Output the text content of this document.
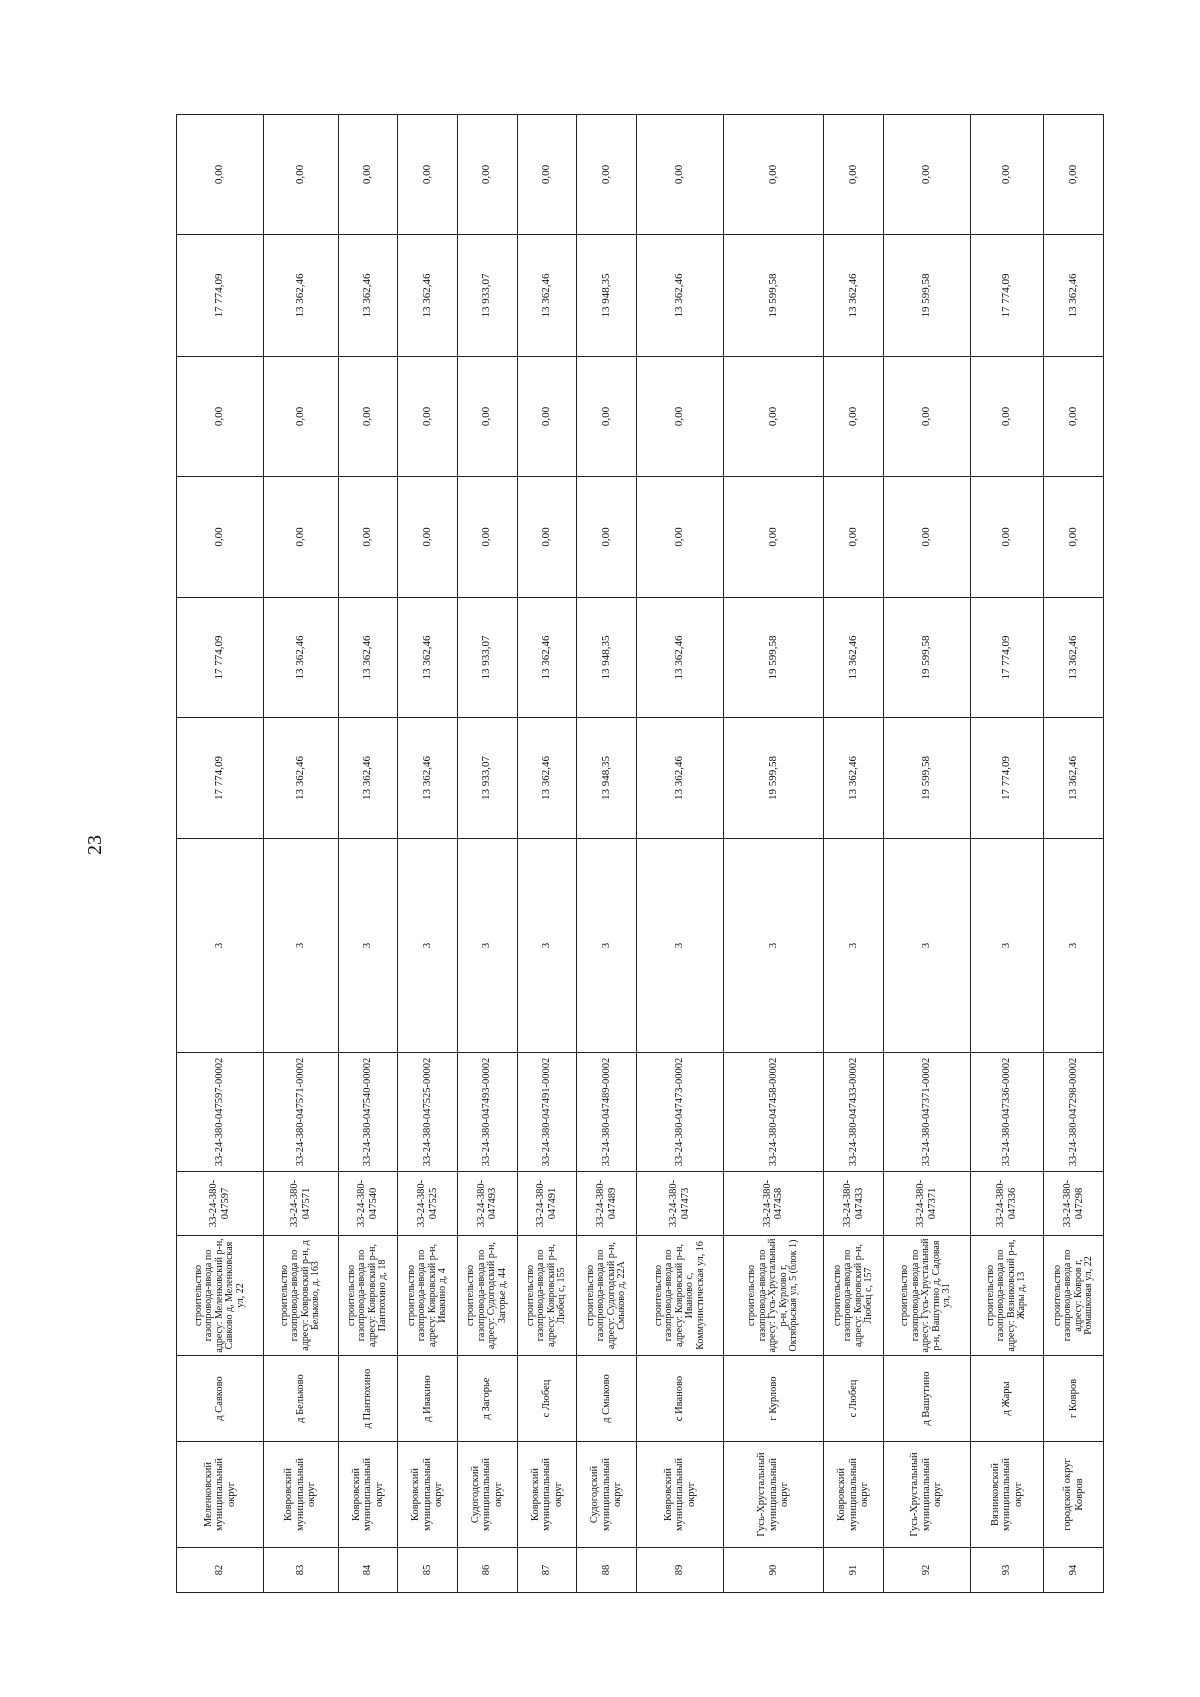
23
82	Меленковский муниципальный округ	д Савково	строительство газопровода-ввода по адресу: Меленковский р-н, Савково д, Меленковская ул, 22	33-24-380-047597	33-24-380-047597-00002	3	17 774,09	17 774,09	0,00	0,00	17 774,09	0,00
83	Ковровский муниципальный округ	д Бельково	строительство газопровода-ввода по адресу: Ковровский р-н, д Бельково, д. 163	33-24-380-047571	33-24-380-047571-00002	3	13 362,46	13 362,46	0,00	0,00	13 362,46	0,00
84	Ковровский муниципальный округ	д Пантюхино	строительство газопровода-ввода по адресу: Ковровский р-н, Пантюхино д, 18	33-24-380-047540	33-24-380-047540-00002	3	13 362,46	13 362,46	0,00	0,00	13 362,46	0,00
85	Ковровский муниципальный округ	д Ивакино	строительство газопровода-ввода по адресу: Ковровский р-н, Ивакино д, 4	33-24-380-047525	33-24-380-047525-00002	3	13 362,46	13 362,46	0,00	0,00	13 362,46	0,00
86	Судогодский муниципальный округ	д Загорье	строительство газопровода-ввода по адресу: Судогодский р-н, Загорье д, 44	33-24-380-047493	33-24-380-047493-00002	3	13 933,07	13 933,07	0,00	0,00	13 933,07	0,00
87	Ковровский муниципальный округ	с Любец	строительство газопровода-ввода по адресу: Ковровский р-н, Любец с, 155	33-24-380-047491	33-24-380-047491-00002	3	13 362,46	13 362,46	0,00	0,00	13 362,46	0,00
88	Судогодский муниципальный округ	д Смыково	строительство газопровода-ввода по адресу: Судогодский р-н, Смыково д, 22А	33-24-380-047489	33-24-380-047489-00002	3	13 948,35	13 948,35	0,00	0,00	13 948,35	0,00
89	Ковровский муниципальный округ	с Иваново	строительство газопровода-ввода по адресу: Ковровский р-н, Иваново с, Коммунистическая ул, 16	33-24-380-047473	33-24-380-047473-00002	3	13 362,46	13 362,46	0,00	0,00	13 362,46	0,00
90	Гусь-Хрустальный муниципальный округ	г Курлово	строительство газопровода-ввода по адресу: Гусь-Хрустальный р-н, Курлово г, Октябрьская ул, 5 (блок 1)	33-24-380-047458	33-24-380-047458-00002	3	19 599,58	19 599,58	0,00	0,00	19 599,58	0,00
91	Ковровский муниципальный округ	с Любец	строительство газопровода-ввода по адресу: Ковровский р-н, Любец с, 157	33-24-380-047433	33-24-380-047433-00002	3	13 362,46	13 362,46	0,00	0,00	13 362,46	0,00
92	Гусь-Хрустальный муниципальный округ	д Вашутино	строительство газопровода-ввода по адресу: Гусь-Хрустальный р-н, Вашутино д, Садовая ул, 31	33-24-380-047371	33-24-380-047371-00002	3	19 599,58	19 599,58	0,00	0,00	19 599,58	0,00
93	Вязниковский муниципальный округ	д Жары	строительство газопровода-ввода по адресу: Вязниковский р-н, Жары д, 13	33-24-380-047336	33-24-380-047336-00002	3	17 774,09	17 774,09	0,00	0,00	17 774,09	0,00
94	городской округ Ковров	г Ковров	строительство газопровода-ввода по адресу: Ковров г, Ромашковая ул, 22	33-24-380-047298	33-24-380-047298-00002	3	13 362,46	13 362,46	0,00	0,00	13 362,46	0,00
